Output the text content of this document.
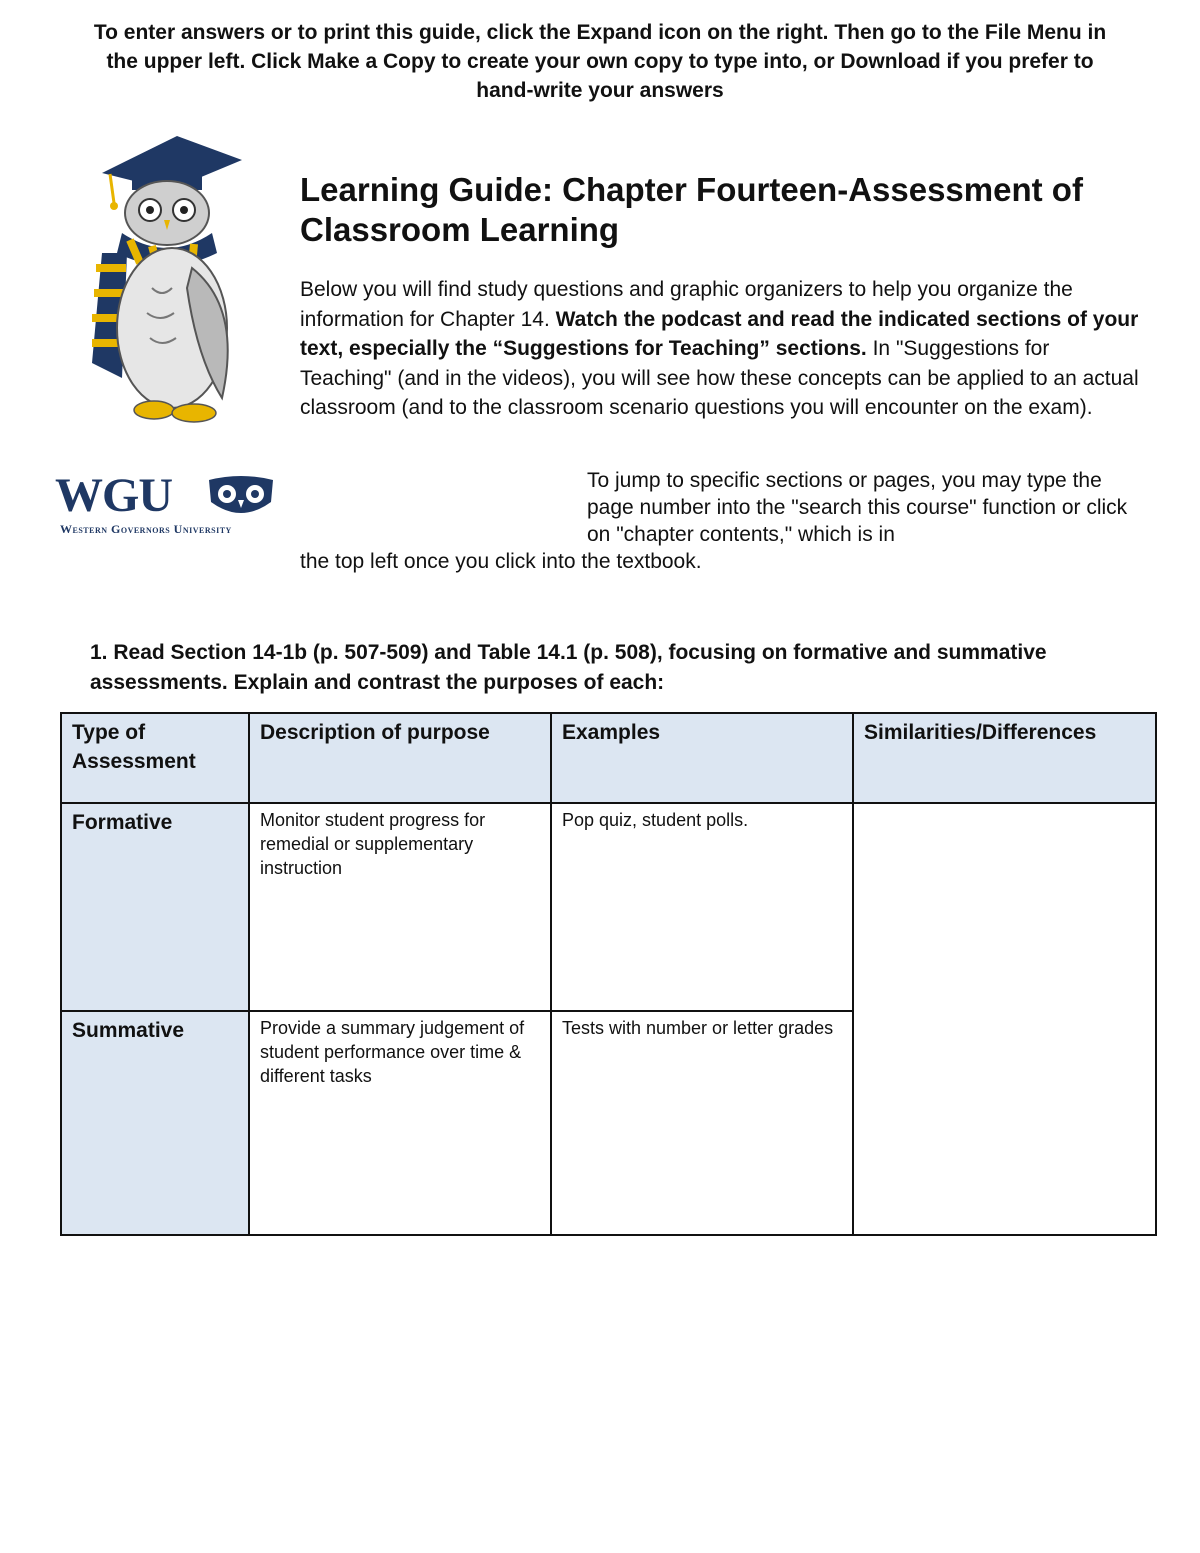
To enter answers or to print this guide, click the Expand icon on the right. Then go to the File Menu in the upper left. Click Make a Copy to create your own copy to type into, or Download if you prefer to hand-write your answers
WGU
Western Governors University
Learning Guide: Chapter Fourteen-Assessment of Classroom Learning
Below you will find study questions and graphic organizers to help you organize the information for Chapter 14. Watch the podcast and read the indicated sections of your text, especially the “Suggestions for Teaching” sections. In "Suggestions for Teaching" (and in the videos), you will see how these concepts can be applied to an actual classroom (and to the classroom scenario questions you will encounter on the exam).
To jump to specific sections or pages, you may type the page number into the "search this course" function or click on "chapter contents," which is in
the top left once you click into the textbook.
1. Read Section 14-1b (p. 507-509) and Table 14.1 (p. 508), focusing on formative and summative assessments. Explain and contrast the purposes of each:
Type of Assessment	Description of purpose	Examples	Similarities/Differences
Formative	Monitor student progress for remedial or supplementary instruction	Pop quiz, student polls.	
Summative	Provide a summary judgement of student performance over time & different tasks	Tests with number or letter grades	
